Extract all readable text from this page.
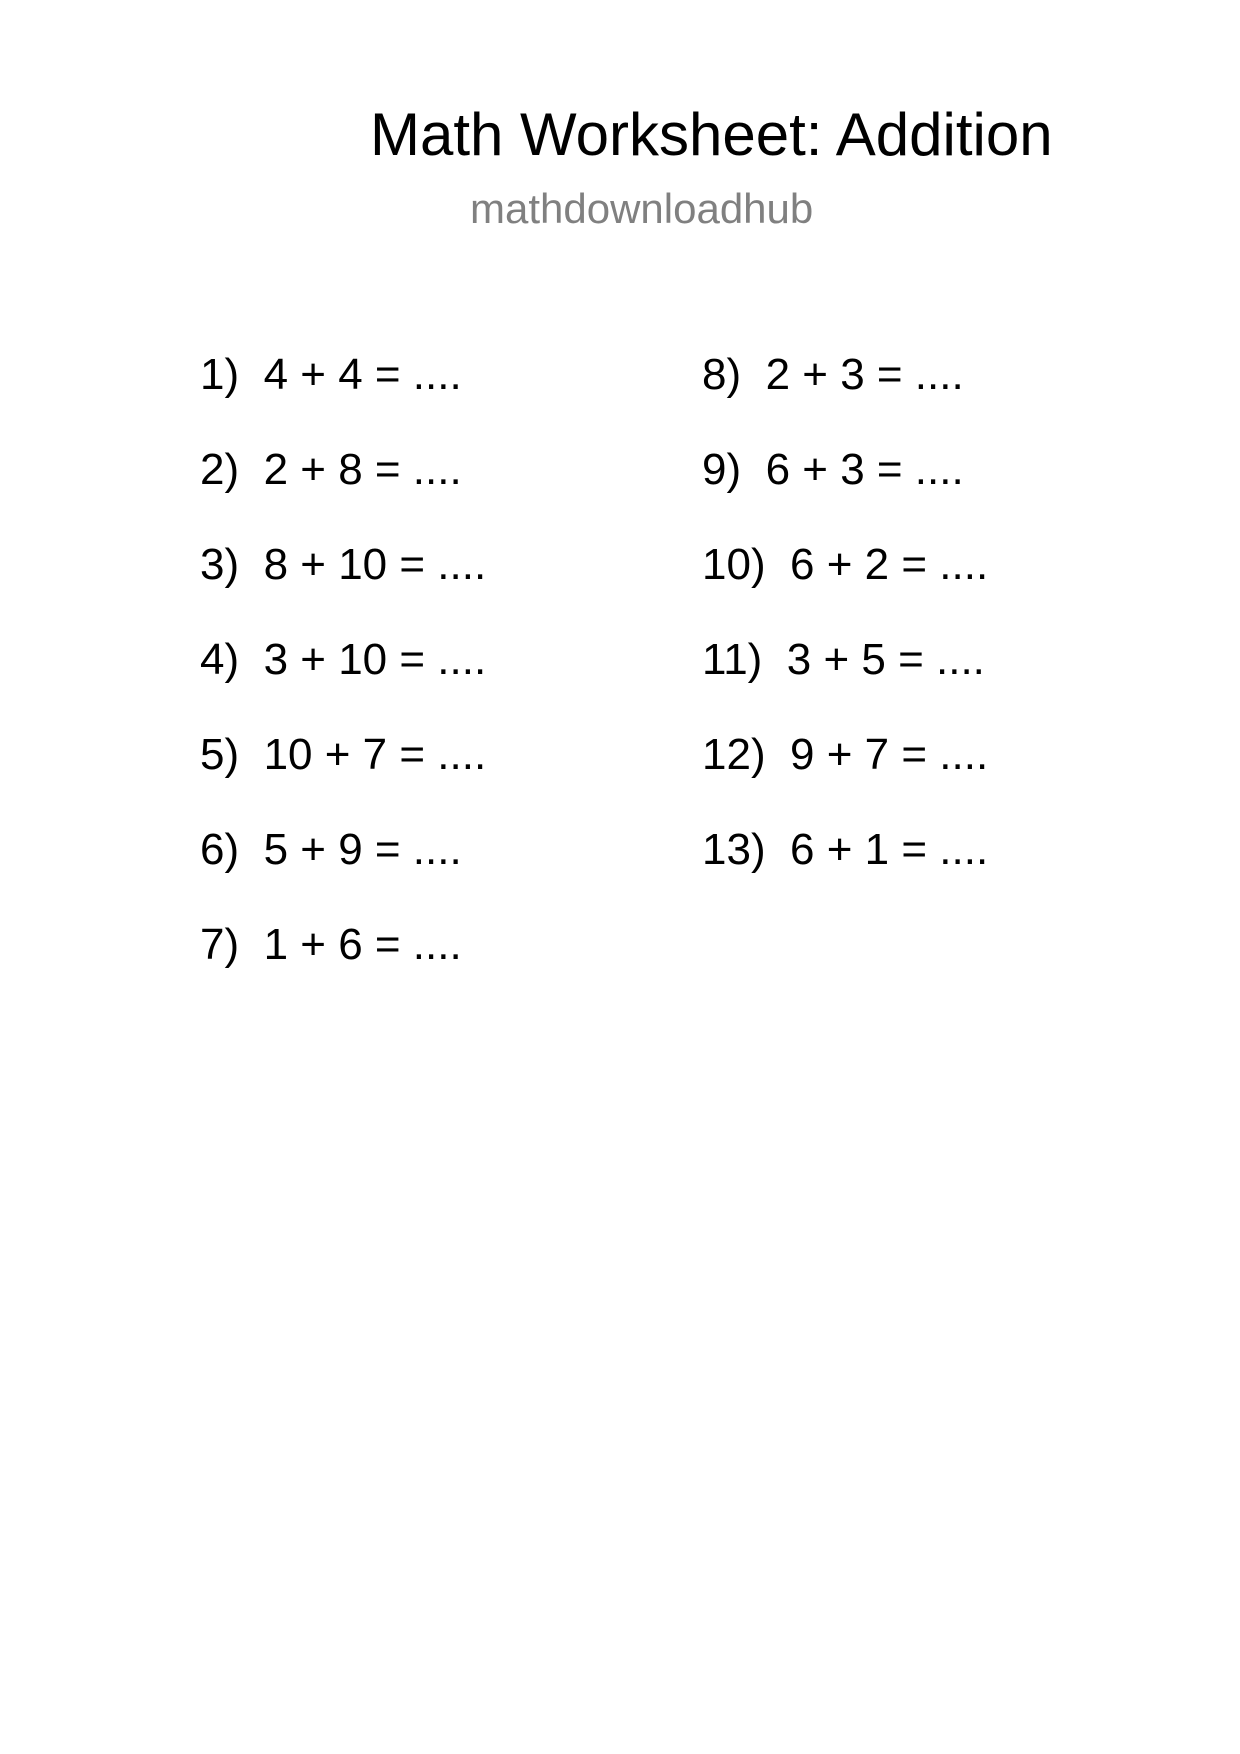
Math Worksheet: Addition
mathdownloadhub
1)  4 + 4 = ....
2)  2 + 8 = ....
3)  8 + 10 = ....
4)  3 + 10 = ....
5)  10 + 7 = ....
6)  5 + 9 = ....
7)  1 + 6 = ....
8)  2 + 3 = ....
9)  6 + 3 = ....
10)  6 + 2 = ....
11)  3 + 5 = ....
12)  9 + 7 = ....
13)  6 + 1 = ....
